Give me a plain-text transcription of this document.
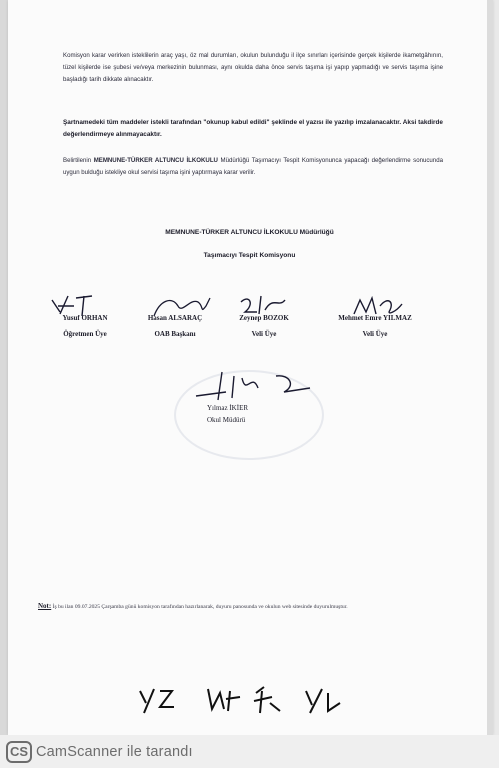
Komisyon karar verirken isteklilerin araç yaşı, öz mal durumları, okulun bulunduğu il ilçe sınırları içerisinde gerçek kişilerde ikametgâhının, tüzel kişilerde ise şubesi ve/veya merkezinin bulunması, aynı okulda daha önce servis taşıma işi yapıp yapmadığı ve servis taşıma işine başladığı tarih dikkate alınacaktır.

Şartnamedeki tüm maddeler istekli tarafından "okunup kabul edildi" şeklinde el yazısı ile yazılıp imzalanacaktır. Aksi takdirde değerlendirmeye alınmayacaktır.

Belirtilenin MEMNUNE-TÜRKER ALTUNCU İLKOKULU Müdürlüğü Taşımacıyı Tespit Komisyonunca yapacağı değerlendirme sonucunda uygun bulduğu istekliye okul servisi taşıma işini yaptırmaya karar verilir.

MEMNUNE-TÜRKER ALTUNCU İLKOKULU Müdürlüğü
Taşımacıyı Tespit Komisyonu
Yusuf ORHAN
Öğretmen Üye
Hasan ALSARAÇ
OAB Başkanı
Zeynep BOZOK
Veli Üye
Mehmet Emre YILMAZ
Veli Üye
Yılmaz İKİER
Okul Müdürü
Not: İş bu ilan 09.07.2025 Çarşamba günü komisyon tarafından hazırlanarak, duyuru panosunda ve okulun web sitesinde duyurulmuştur.
CS CamScanner ile tarandı
